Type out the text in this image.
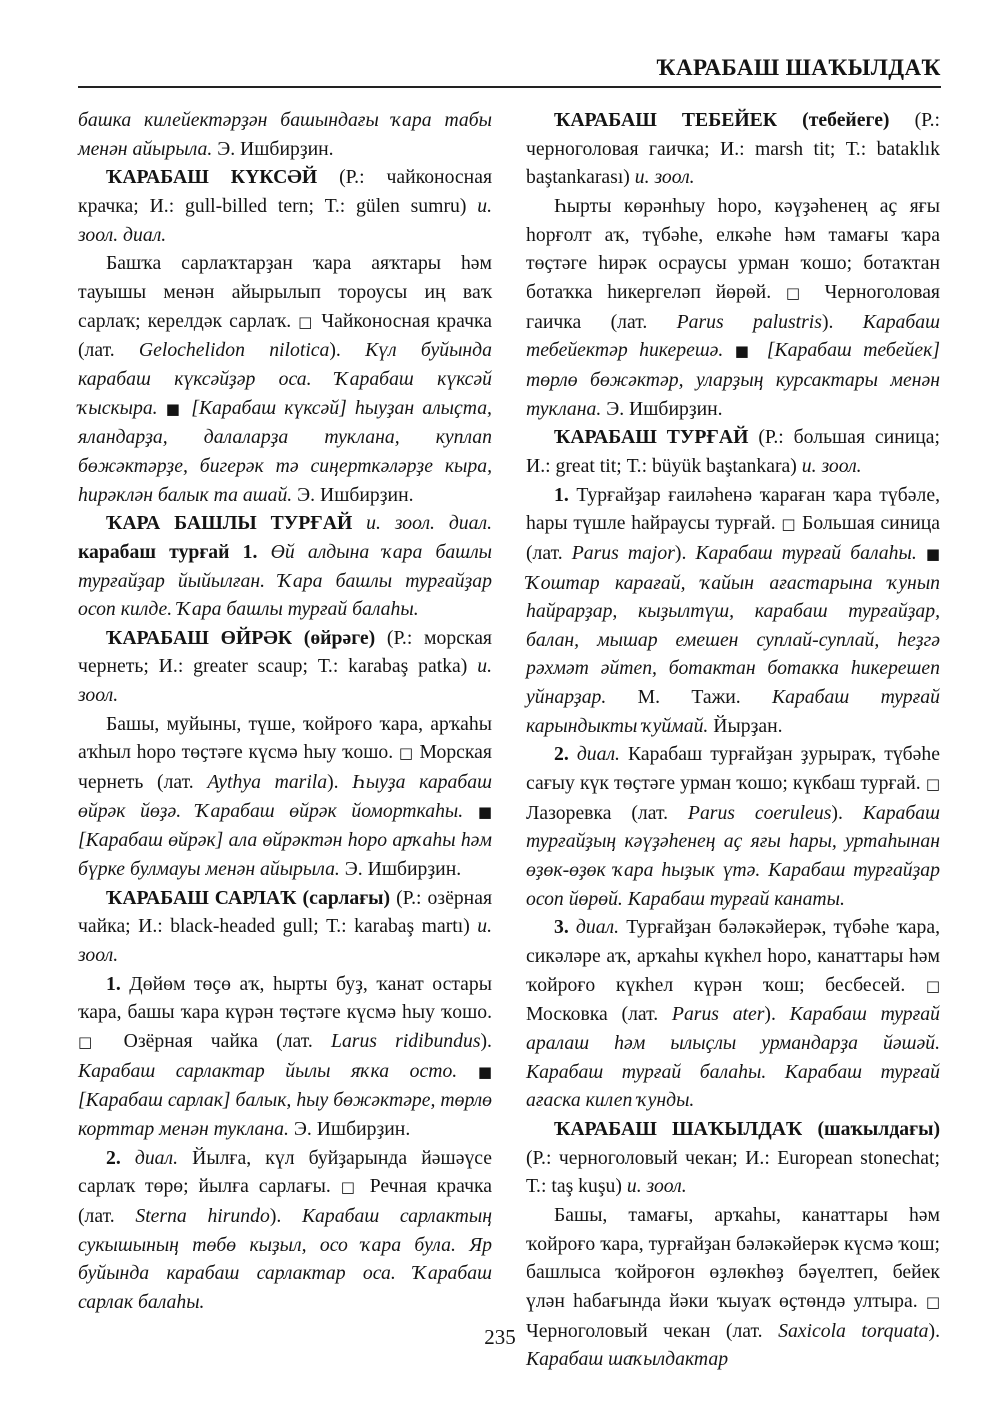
ҠАРАБАШ ШАҠЫЛДАҠ

башка килейектәрҙән башындағы ҡара табы менән айырыла. Э. Ишбирҙин.

ҠАРАБАШ КҮКСӘЙ (Р.: чайконосная крачка; И.: gull-billed tern; Т.: gülen sumru) и. зоол. диал.

Башҡа сарлаҡтарҙан ҡара аяҡтары һәм тауышы менән айырылып тороусы иң ваҡ сарлаҡ; керелдәк сарлаҡ. □ Чайконосная крачка (лат. Gelochelidon nilotica). Күл буйында карабаш күксәйҙәр оса. Ҡарабаш күксәй ҡыскыра. ■ [Карабаш күксәй] һыуҙан алыҫта, яландарҙа, далаларҙа туклана, куплап бөжәктәрҙе, бигерәк тә сиңерткәләрҙе кыра, һирәклән балык та ашай. Э. Ишбирҙин.

ҠАРА БАШЛЫ ТУРҒАЙ и. зоол. диал. карабаш турғай 1. Өй алдына ҡара башлы турғайҙар йыйылған. Ҡара башлы турғайҙар осоп килде. Ҡара башлы турғай балаһы.

ҠАРАБАШ ӨЙРӘК (өйрәге) (Р.: морская чернеть; И.: greater scaup; Т.: karabaş patka) и. зоол.

Башы, муйыны, түше, ҡойроғо ҡара, арҡаһы аҡһыл һоро төҫтәге күсмә һыу ҡошо. □ Морская чернеть (лат. Aythya marila). Һыуҙа карабаш өйрәк йөҙә. Ҡарабаш өйрәк йоморткаһы. ■ [Карабаш өйрәк] ала өйрәктән һоро арҡаһы һәм бүрке булмауы менән айырыла. Э. Ишбирҙин.

ҠАРАБАШ САРЛАҠ (сарлағы) (Р.: озёрная чайка; И.: black-headed gull; Т.: karabaş martı) и. зоол.

1. Дөйөм төҫө аҡ, һырты буҙ, ҡанат остары ҡара, башы ҡара күрән төҫтәге күсмә һыу ҡошо. □ Озёрная чайка (лат. Larus ridibundus). Карабаш сарлактар йылы яҡка осто. ■ [Карабаш сарлак] балык, һыу бөжәктәре, төрлө корттар менән туклана. Э. Ишбирҙин.

2. диал. Йылға, күл буйҙарында йәшәүсе сарлаҡ төрө; йылға сарлағы. □ Речная крачка (лат. Sterna hirundo). Карабаш сарлактың сукышының төбө кыҙыл, осо ҡара була. Яр буйында карабаш сарлактар оса. Ҡарабаш сарлак балаһы.

ҠАРАБАШ ТЕБЕЙЕК (тебейеге) (Р.: черноголовая гаичка; И.: marsh tit; Т.: bataklık baştankarası) и. зоол.

Һырты көрәнһыу һоро, кәүҙәһенең аҫ яғы һорғолт аҡ, түбәһе, елкәһе һәм тамағы ҡара төҫтәге һирәк осраусы урман ҡошо; ботаҡтан ботаҡка һикергеләп йөрөй. □ Черноголовая гаичка (лат. Parus palustris). Карабаш тебейектәр һикерешә. ■ [Карабаш тебейек] төрлө бөжәктәр, уларҙың курсактары менән туклана. Э. Ишбирҙин.

ҠАРАБАШ ТУРҒАЙ (Р.: большая синица; И.: great tit; Т.: büyük baştankara) и. зоол.

1. Турғайҙар ғаиләһенә ҡараған ҡара түбәле, һары түшле һайраусы турғай. □ Большая синица (лат. Parus major). Карабаш турғай балаһы. ■ Ҡоштар карағай, ҡайын ағастарына ҡунып һайрарҙар, кыҙылтүш, карабаш турғайҙар, балан, мышар емешен суплай-суплай, һеҙгә рәхмәт әйтеп, ботактан ботакка һикерешеп уйнарҙар. М. Тажи. Карабаш турғай карындыкты ҡуймай. Йырҙан.

2. диал. Карабаш турғайҙан ҙурыраҡ, түбәһе сағыу күк төҫтәге урман ҡошо; күкбаш турғай. □ Лазоревка (лат. Parus coeruleus). Карабаш турғайҙың кәүҙәһенең аҫ яғы һары, уртаһынан өҙөк-өҙөк ҡара һыҙык үтә. Карабаш турғайҙар осоп йөрөй. Карабаш турғай канаты.

3. диал. Турғайҙан бәләкәйерәк, түбәһе ҡара, сикәләре аҡ, арҡаһы күкһел һоро, канаттары һәм ҡойроғо күкһел күрән ҡош; бесбесей. □ Московка (лат. Parus ater). Карабаш турғай аралаш һәм ылыҫлы урмандарҙа йәшәй. Карабаш турғай балаһы. Карабаш турғай ағаска килеп ҡунды.

ҠАРАБАШ ШАҠЫЛДАҠ (шаҡылдағы) (Р.: черноголовый чекан; И.: European stonechat; Т.: taş kuşu) и. зоол.

Башы, тамағы, арҡаһы, канаттары һәм ҡойроғо ҡара, турғайҙан бәләкәйерәк күсмә ҡош; башлыса ҡойроғон өҙлөкһөҙ бәүелтеп, бейек үлән һабағында йәки ҡыуаҡ өҫтөндә ултыра. □ Черноголовый чекан (лат. Saxicola torquata). Карабаш шаҡылдактар

235
